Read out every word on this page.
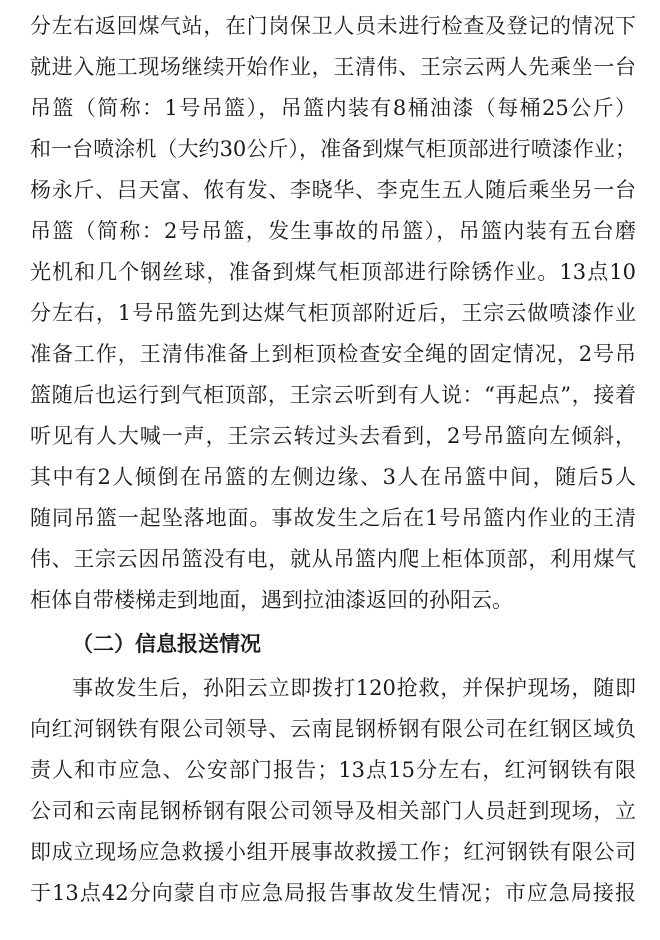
分左右返回煤气站，在门岗保卫人员未进行检查及登记的情况下
就进入施工现场继续开始作业，王清伟、王宗云两人先乘坐一台
吊篮（简称：1号吊篮），吊篮内装有8桶油漆（每桶25公斤）
和一台喷涂机（大约30公斤），准备到煤气柜顶部进行喷漆作业；
杨永斤、吕天富、侬有发、李晓华、李克生五人随后乘坐另一台
吊篮（简称：2号吊篮，发生事故的吊篮），吊篮内装有五台磨
光机和几个钢丝球，准备到煤气柜顶部进行除锈作业。13点10
分左右，1号吊篮先到达煤气柜顶部附近后，王宗云做喷漆作业
准备工作，王清伟准备上到柜顶检查安全绳的固定情况，2号吊
篮随后也运行到气柜顶部，王宗云听到有人说：“再起点”，接着
听见有人大喊一声，王宗云转过头去看到，2号吊篮向左倾斜，
其中有2人倾倒在吊篮的左侧边缘、3人在吊篮中间，随后5人
随同吊篮一起坠落地面。事故发生之后在1号吊篮内作业的王清
伟、王宗云因吊篮没有电，就从吊篮内爬上柜体顶部，利用煤气
柜体自带楼梯走到地面，遇到拉油漆返回的孙阳云。
（二）信息报送情况
事故发生后，孙阳云立即拨打120抢救，并保护现场，随即
向红河钢铁有限公司领导、云南昆钢桥钢有限公司在红钢区域负
责人和市应急、公安部门报告；13点15分左右，红河钢铁有限
公司和云南昆钢桥钢有限公司领导及相关部门人员赶到现场，立
即成立现场应急救援小组开展事故救援工作；红河钢铁有限公司
于13点42分向蒙自市应急局报告事故发生情况；市应急局接报
